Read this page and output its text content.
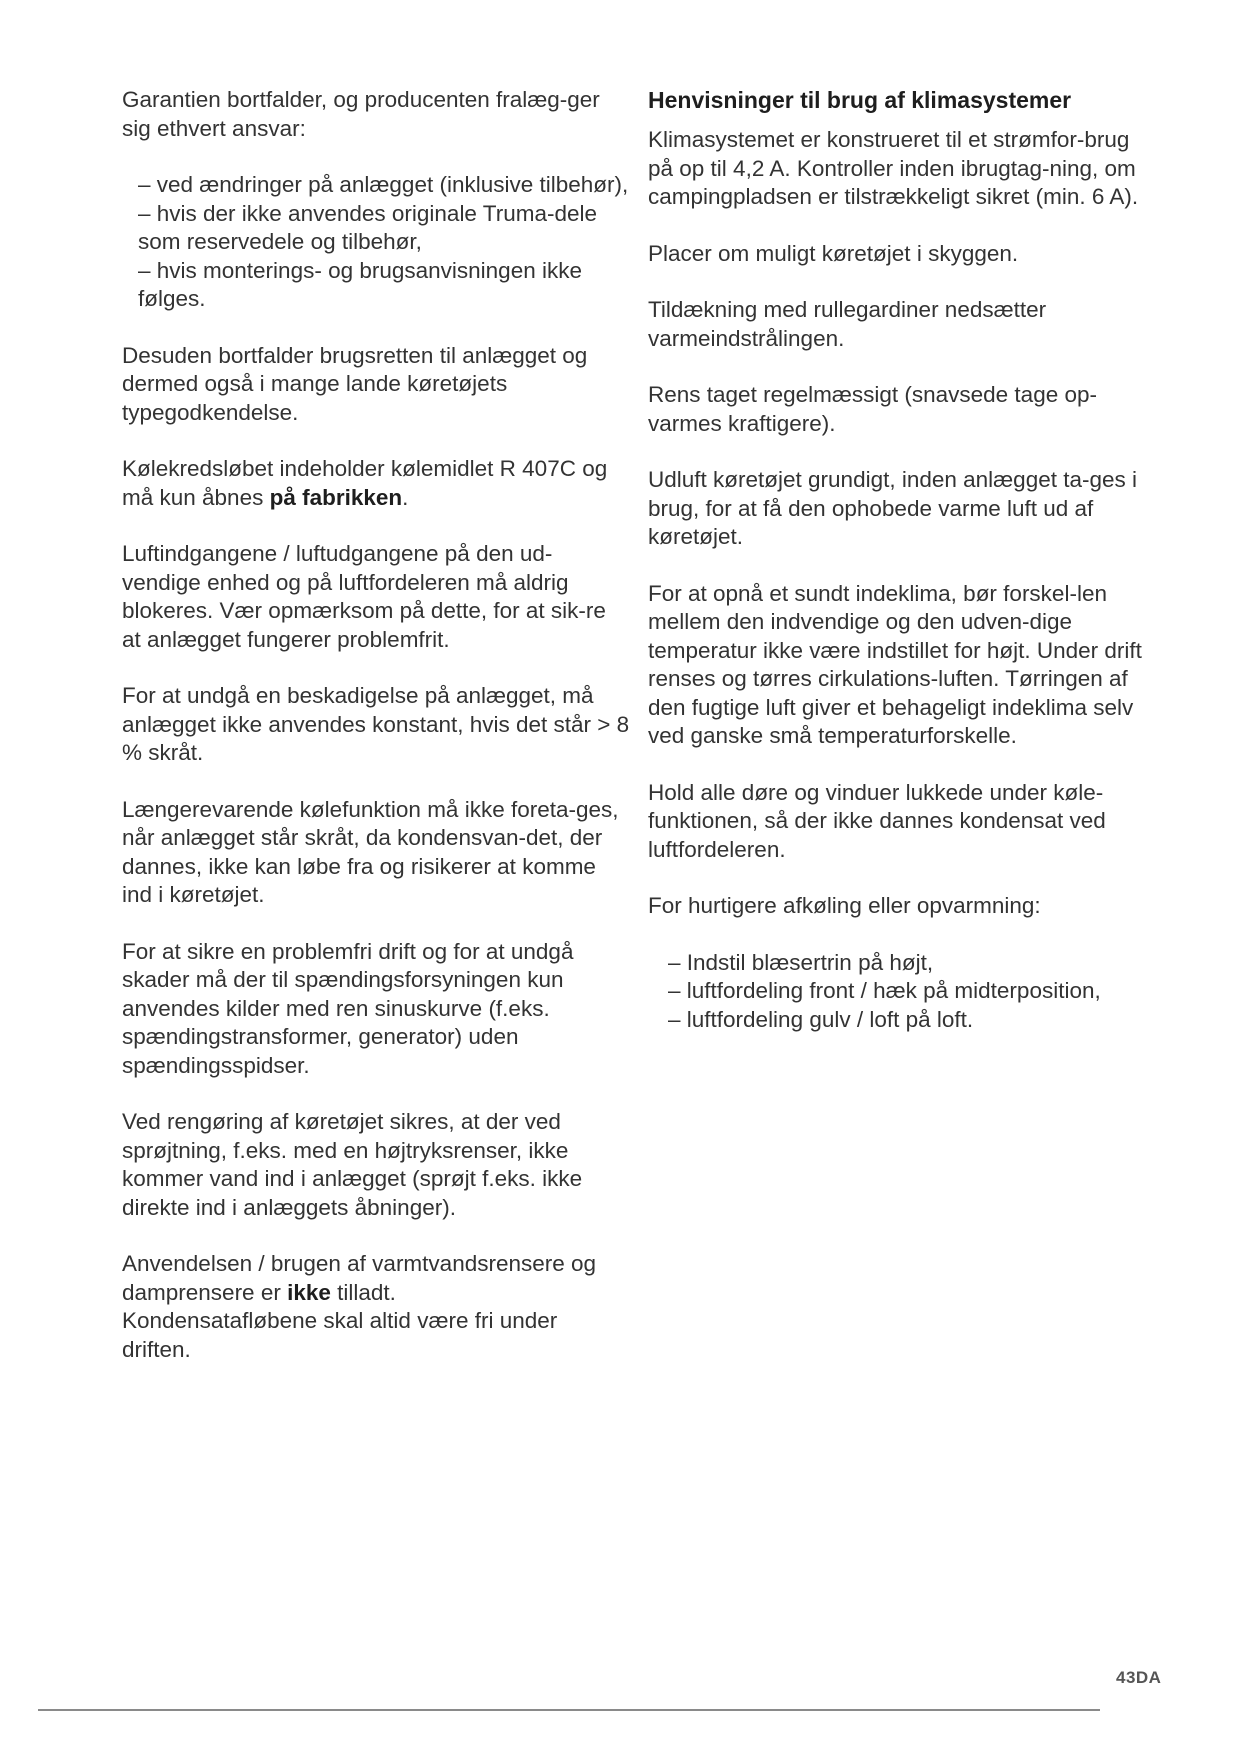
Garantien bortfalder, og producenten fralæg-ger sig ethvert ansvar:

– ved ændringer på anlægget (inklusive tilbehør),
– hvis der ikke anvendes originale Truma-dele som reservedele og tilbehør,
– hvis monterings- og brugsanvisningen ikke følges.

Desuden bortfalder brugsretten til anlægget og dermed også i mange lande køretøjets typegodkendelse.

Kølekredsløbet indeholder kølemidlet R 407C og må kun åbnes på fabrikken.

Luftindgangene / luftudgangene på den ud-vendige enhed og på luftfordeleren må aldrig blokeres. Vær opmærksom på dette, for at sik-re at anlægget fungerer problemfrit.

For at undgå en beskadigelse på anlægget, må anlægget ikke anvendes konstant, hvis det står > 8 % skråt.

Længerevarende kølefunktion må ikke foreta-ges, når anlægget står skråt, da kondensvan-det, der dannes, ikke kan løbe fra og risikerer at komme ind i køretøjet.

For at sikre en problemfri drift og for at undgå skader må der til spændingsforsyningen kun anvendes kilder med ren sinuskurve (f.eks. spændingstransformer, generator) uden spændingsspidser.

Ved rengøring af køretøjet sikres, at der ved sprøjtning, f.eks. med en højtryksrenser, ikke kommer vand ind i anlægget (sprøjt f.eks. ikke direkte ind i anlæggets åbninger).

Anvendelsen / brugen af varmtvandsrensere og damprensere er ikke tilladt.
Kondensatafløbene skal altid være fri under driften.

Henvisninger til brug af klimasystemer

Klimasystemet er konstrueret til et strømfor-brug på op til 4,2 A. Kontroller inden ibrugtag-ning, om campingpladsen er tilstrækkeligt sikret (min. 6 A).

Placer om muligt køretøjet i skyggen.

Tildækning med rullegardiner nedsætter varmeindstrålingen.

Rens taget regelmæssigt (snavsede tage op-varmes kraftigere).

Udluft køretøjet grundigt, inden anlægget ta-ges i brug, for at få den ophobede varme luft ud af køretøjet.

For at opnå et sundt indeklima, bør forskel-len mellem den indvendige og den udven-dige temperatur ikke være indstillet for højt. Under drift renses og tørres cirkulations-luften. Tørringen af den fugtige luft giver et behageligt indeklima selv ved ganske små temperaturforskelle.

Hold alle døre og vinduer lukkede under køle-funktionen, så der ikke dannes kondensat ved luftfordeleren.

For hurtigere afkøling eller opvarmning:

– Indstil blæsertrin på højt,
– luftfordeling front / hæk på midterposition,
– luftfordeling gulv / loft på loft.
43DA
